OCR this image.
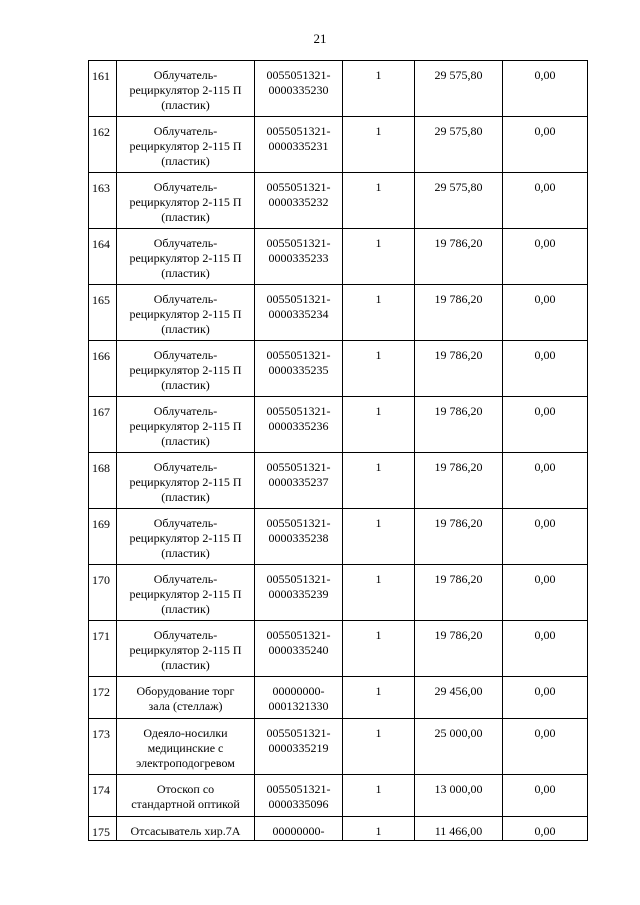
21
161	Облучатель-
рециркулятор 2-115 П
(пластик)	0055051321-
0000335230	1	29 575,80	0,00
162	Облучатель-
рециркулятор 2-115 П
(пластик)	0055051321-
0000335231	1	29 575,80	0,00
163	Облучатель-
рециркулятор 2-115 П
(пластик)	0055051321-
0000335232	1	29 575,80	0,00
164	Облучатель-
рециркулятор 2-115 П
(пластик)	0055051321-
0000335233	1	19 786,20	0,00
165	Облучатель-
рециркулятор 2-115 П
(пластик)	0055051321-
0000335234	1	19 786,20	0,00
166	Облучатель-
рециркулятор 2-115 П
(пластик)	0055051321-
0000335235	1	19 786,20	0,00
167	Облучатель-
рециркулятор 2-115 П
(пластик)	0055051321-
0000335236	1	19 786,20	0,00
168	Облучатель-
рециркулятор 2-115 П
(пластик)	0055051321-
0000335237	1	19 786,20	0,00
169	Облучатель-
рециркулятор 2-115 П
(пластик)	0055051321-
0000335238	1	19 786,20	0,00
170	Облучатель-
рециркулятор 2-115 П
(пластик)	0055051321-
0000335239	1	19 786,20	0,00
171	Облучатель-
рециркулятор 2-115 П
(пластик)	0055051321-
0000335240	1	19 786,20	0,00
172	Оборудование торг
зала (стеллаж)	00000000-
0001321330	1	29 456,00	0,00
173	Одеяло-носилки
медицинские с
электроподогревом	0055051321-
0000335219	1	25 000,00	0,00
174	Отоскоп со
стандартной оптикой	0055051321-
0000335096	1	13 000,00	0,00
175	Отсасыватель хир.7А	00000000-	1	11 466,00	0,00
